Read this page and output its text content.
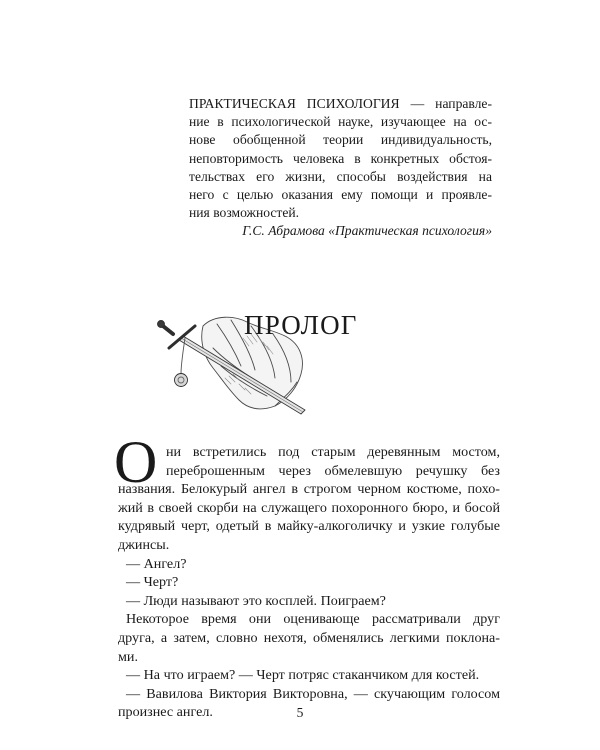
ПРАКТИЧЕСКАЯ ПСИХОЛОГИЯ — направле-
ние в психологической науке, изучающее на ос-
нове обобщенной теории индивидуальность,
неповторимость человека в конкретных обстоя-
тельствах его жизни, способы воздействия на
него с целью оказания ему помощи и проявле-
ния возможностей.
Г.С. Абрамова «Практическая психология»
ПРОЛОГ
О ни встретились под старым деревянным мостом,
переброшенным через обмелевшую речушку без
названия. Белокурый ангел в строгом черном костюме, похо-
жий в своей скорби на служащего похоронного бюро, и босой
кудрявый черт, одетый в майку-алкоголичку и узкие голубые
джинсы.
— Ангел?
— Черт?
— Люди называют это косплей. Поиграем?
Некоторое время они оценивающе рассматривали друг
друга, а затем, словно нехотя, обменялись легкими поклона-
ми.
— На что играем? — Черт потряс стаканчиком для костей.
— Вавилова Виктория Викторовна, — скучающим голосом
произнес ангел.	5
